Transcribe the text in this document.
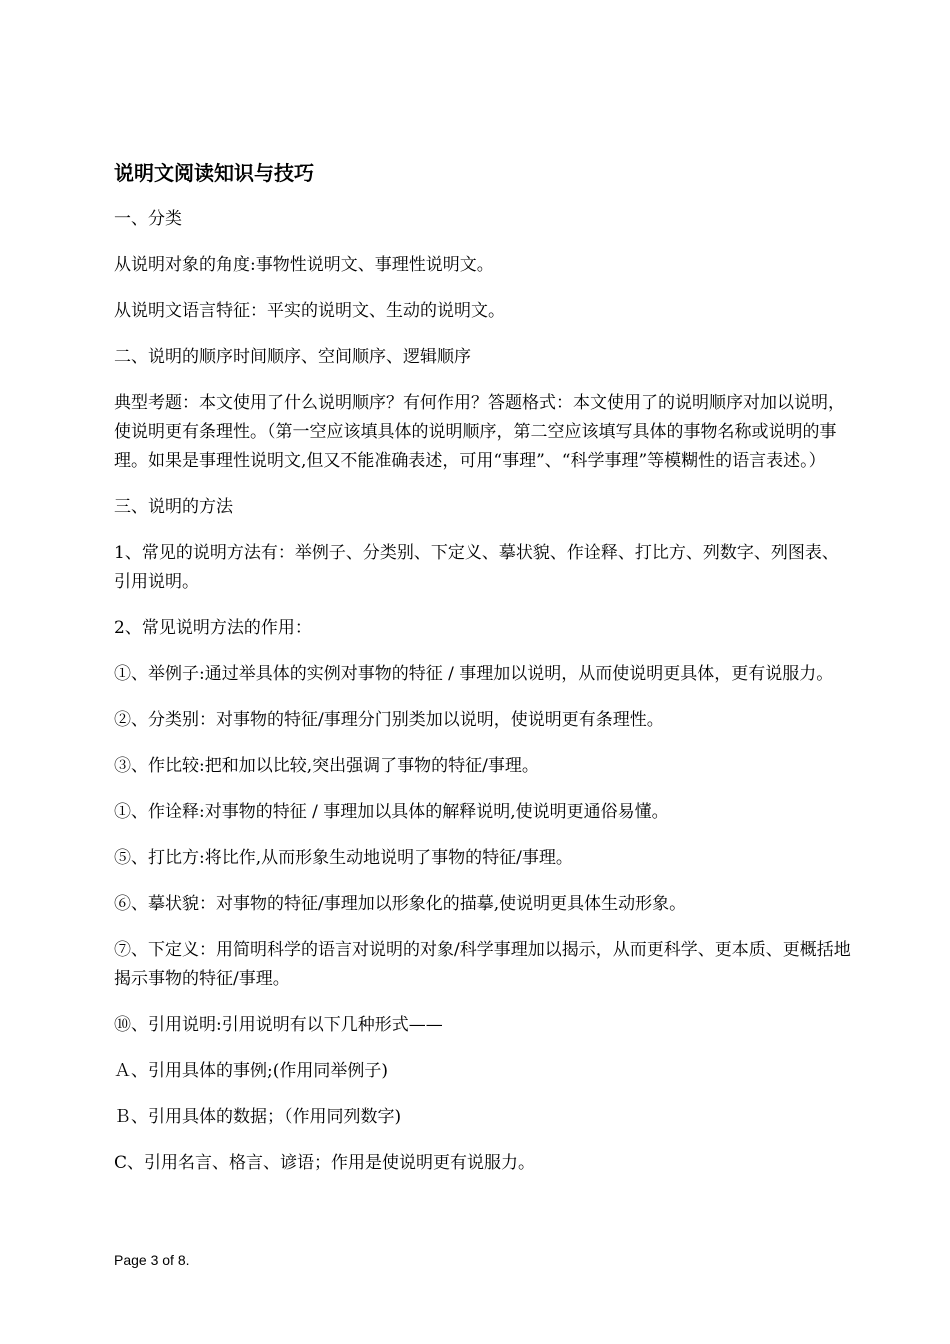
说明文阅读知识与技巧

一、分类

从说明对象的角度:事物性说明文、事理性说明文。

从说明文语言特征：平实的说明文、生动的说明文。

二、说明的顺序时间顺序、空间顺序、逻辑顺序

典型考题：本文使用了什么说明顺序？有何作用？答题格式：本文使用了的说明顺序对加以说明，使说明更有条理性。（第一空应该填具体的说明顺序，第二空应该填写具体的事物名称或说明的事理。如果是事理性说明文,但又不能准确表述，可用“事理”、“科学事理”等模糊性的语言表述。）

三、说明的方法

1、常见的说明方法有：举例子、分类别、下定义、摹状貌、作诠释、打比方、列数字、列图表、引用说明。

2、常见说明方法的作用：

①、举例子:通过举具体的实例对事物的特征 / 事理加以说明，从而使说明更具体，更有说服力。

②、分类别：对事物的特征/事理分门别类加以说明，使说明更有条理性。

③、作比较:把和加以比较,突出强调了事物的特征/事理。

①、作诠释:对事物的特征 / 事理加以具体的解释说明,使说明更通俗易懂。

⑤、打比方:将比作,从而形象生动地说明了事物的特征/事理。

⑥、摹状貌：对事物的特征/事理加以形象化的描摹,使说明更具体生动形象。

⑦、下定义：用简明科学的语言对说明的对象/科学事理加以揭示，从而更科学、更本质、更概括地揭示事物的特征/事理。

⑩、引用说明:引用说明有以下几种形式——

Ａ、引用具体的事例;(作用同举例子)

Ｂ、引用具体的数据；（作用同列数字)

C、引用名言、格言、谚语；作用是使说明更有说服力。

Page 3 of 8.
